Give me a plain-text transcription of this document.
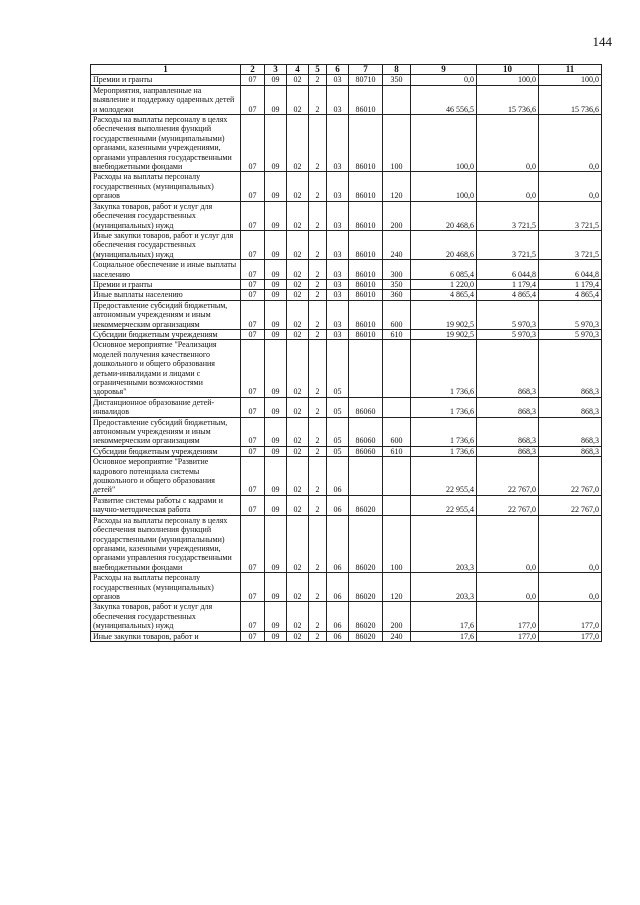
144
1	2	3	4	5	6	7	8	9	10	11
Премии и гранты	07	09	02	2	03	80710	350	0,0	100,0	100,0
Мероприятия, направленные на выявление и поддержку одаренных детей и молодежи	07	09	02	2	03	86010		46 556,5	15 736,6	15 736,6
Расходы на выплаты персоналу в целях обеспечения выполнения функций государственными (муниципальными) органами, казенными учреждениями, органами управления государственными внебюджетными фондами	07	09	02	2	03	86010	100	100,0	0,0	0,0
Расходы на выплаты персоналу государственных (муниципальных) органов	07	09	02	2	03	86010	120	100,0	0,0	0,0
Закупка товаров, работ и услуг для обеспечения государственных (муниципальных) нужд	07	09	02	2	03	86010	200	20 468,6	3 721,5	3 721,5
Иные закупки товаров, работ и услуг для обеспечения государственных (муниципальных) нужд	07	09	02	2	03	86010	240	20 468,6	3 721,5	3 721,5
Социальное обеспечение и иные выплаты населению	07	09	02	2	03	86010	300	6 085,4	6 044,8	6 044,8
Премии и гранты	07	09	02	2	03	86010	350	1 220,0	1 179,4	1 179,4
Иные выплаты населению	07	09	02	2	03	86010	360	4 865,4	4 865,4	4 865,4
Предоставление субсидий бюджетным, автономным учреждениям и иным некоммерческим организациям	07	09	02	2	03	86010	600	19 902,5	5 970,3	5 970,3
Субсидии бюджетным учреждениям	07	09	02	2	03	86010	610	19 902,5	5 970,3	5 970,3
Основное мероприятие "Реализация моделей получения качественного дошкольного и общего образования детьми-инвалидами и лицами с ограниченными возможностями здоровья"	07	09	02	2	05			1 736,6	868,3	868,3
Дистанционное образование детей-инвалидов	07	09	02	2	05	86060		1 736,6	868,3	868,3
Предоставление субсидий бюджетным, автономным учреждениям и иным некоммерческим организациям	07	09	02	2	05	86060	600	1 736,6	868,3	868,3
Субсидии бюджетным учреждениям	07	09	02	2	05	86060	610	1 736,6	868,3	868,3
Основное мероприятие "Развитие кадрового потенциала системы дошкольного и общего образования детей"	07	09	02	2	06			22 955,4	22 767,0	22 767,0
Развитие системы работы с кадрами и научно-методическая работа	07	09	02	2	06	86020		22 955,4	22 767,0	22 767,0
Расходы на выплаты персоналу в целях обеспечения выполнения функций государственными (муниципальными) органами, казенными учреждениями, органами управления государственными внебюджетными фондами	07	09	02	2	06	86020	100	203,3	0,0	0,0
Расходы на выплаты персоналу государственных (муниципальных) органов	07	09	02	2	06	86020	120	203,3	0,0	0,0
Закупка товаров, работ и услуг для обеспечения государственных (муниципальных) нужд	07	09	02	2	06	86020	200	17,6	177,0	177,0
Иные закупки товаров, работ и	07	09	02	2	06	86020	240	17,6	177,0	177,0
